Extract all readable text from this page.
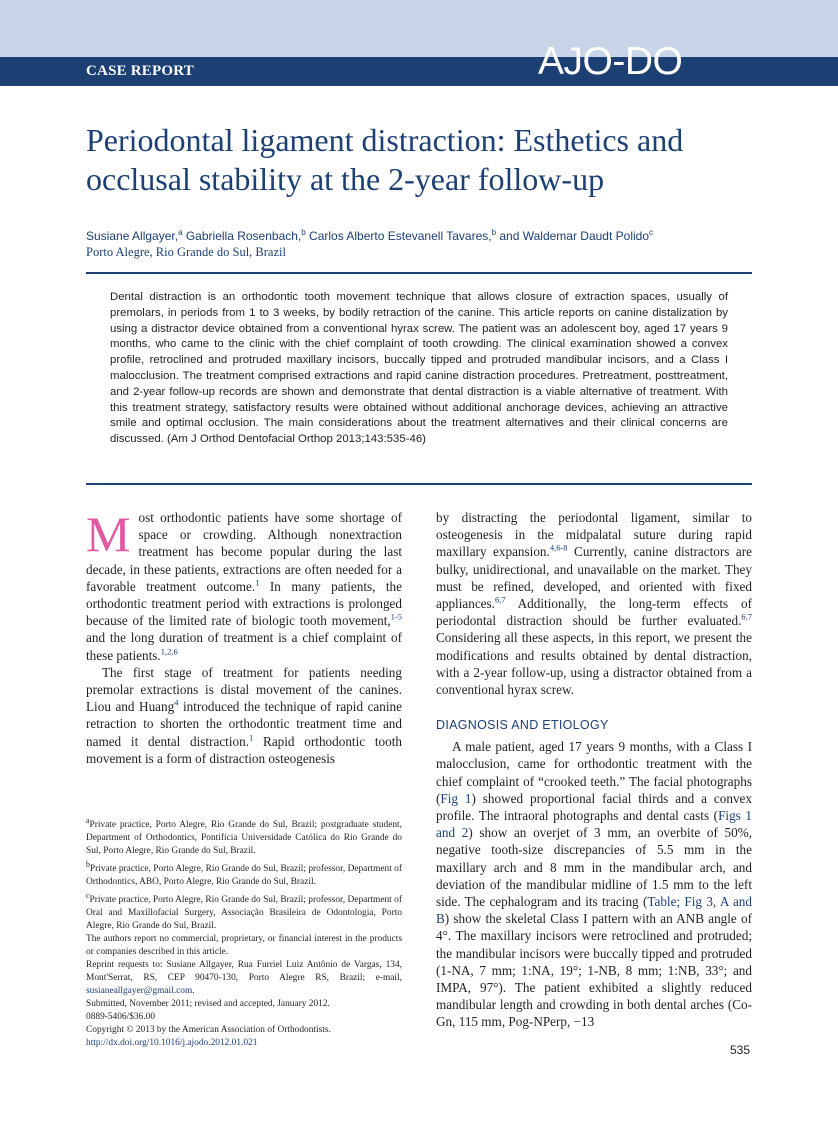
CASE REPORT	AJO-DO
Periodontal ligament distraction: Esthetics and occlusal stability at the 2-year follow-up
Susiane Allgayer,$^a$ Gabriella Rosenbach,$^b$ Carlos Alberto Estevanell Tavares,$^b$ and Waldemar Daudt Polido$^c$
Porto Alegre, Rio Grande do Sul, Brazil

Dental distraction is an orthodontic tooth movement technique that allows closure of extraction spaces, usually of premolars, in periods from 1 to 3 weeks, by bodily retraction of the canine. This article reports on canine distalization by using a distractor device obtained from a conventional hyrax screw. The patient was an adolescent boy, aged 17 years 9 months, who came to the clinic with the chief complaint of tooth crowding. The clinical examination showed a convex profile, retroclined and protruded maxillary incisors, buccally tipped and protruded mandibular incisors, and a Class I malocclusion. The treatment comprised extractions and rapid canine distraction procedures. Pretreatment, posttreatment, and 2-year follow-up records are shown and demonstrate that dental distraction is a viable alternative of treatment. With this treatment strategy, satisfactory results were obtained without additional anchorage devices, achieving an attractive smile and optimal occlusion. The main considerations about the treatment alternatives and their clinical concerns are discussed. (Am J Orthod Dentofacial Orthop 2013;143:535-46)

Most orthodontic patients have some shortage of space or crowding. Although nonextraction treatment has become popular during the last decade, in these patients, extractions are often needed for a favorable treatment outcome.$^1$ In many patients, the orthodontic treatment period with extractions is prolonged because of the limited rate of biologic tooth movement,$^{1-5}$ and the long duration of treatment is a chief complaint of these patients.$^{1,2,6}$

The first stage of treatment for patients needing premolar extractions is distal movement of the canines. Liou and Huang$^4$ introduced the technique of rapid canine retraction to shorten the orthodontic treatment time and named it dental distraction.$^1$ Rapid orthodontic tooth movement is a form of distraction osteogenesis

by distracting the periodontal ligament, similar to osteogenesis in the midpalatal suture during rapid maxillary expansion.$^{4,6-8}$ Currently, canine distractors are bulky, unidirectional, and unavailable on the market. They must be refined, developed, and oriented with fixed appliances.$^{6,7}$ Additionally, the long-term effects of periodontal distraction should be further evaluated.$^{6,7}$ Considering all these aspects, in this report, we present the modifications and results obtained by dental distraction, with a 2-year follow-up, using a distractor obtained from a conventional hyrax screw.

DIAGNOSIS AND ETIOLOGY

A male patient, aged 17 years 9 months, with a Class I malocclusion, came for orthodontic treatment with the chief complaint of “crooked teeth.” The facial photographs (Fig 1) showed proportional facial thirds and a convex profile. The intraoral photographs and dental casts (Figs 1 and 2) show an overjet of 3 mm, an overbite of 50%, negative tooth-size discrepancies of 5.5 mm in the maxillary arch and 8 mm in the mandibular arch, and deviation of the mandibular midline of 1.5 mm to the left side. The cephalogram and its tracing (Table; Fig 3, A and B) show the skeletal Class I pattern with an ANB angle of 4°. The maxillary incisors were retroclined and protruded; the mandibular incisors were buccally tipped and protruded (1-NA, 7 mm; 1:NA, 19°; 1-NB, 8 mm; 1:NB, 33°; and IMPA, 97°). The patient exhibited a slightly reduced mandibular length and crowding in both dental arches (Co-Gn, 115 mm, Pog-NPerp, −13

$^a$Private practice, Porto Alegre, Rio Grande do Sul, Brazil; postgraduate student, Department of Orthodontics, Pontifícia Universidade Católica do Rio Grande do Sul, Porto Alegre, Rio Grande do Sul, Brazil.

$^b$Private practice, Porto Alegre, Rio Grande do Sul, Brazil; professor, Department of Orthodontics, ABO, Porto Alegre, Rio Grande do Sul, Brazil.

$^c$Private practice, Porto Alegre, Rio Grande do Sul, Brazil; professor, Department of Oral and Maxillofacial Surgery, Associação Brasileira de Odontologia, Porto Alegre, Rio Grande do Sul, Brazil.

The authors report no commercial, proprietary, or financial interest in the products or companies described in this article.

Reprint requests to: Susiane Allgayer, Rua Furriel Luiz Antônio de Vargas, 134, Mont'Serrat, RS, CEP 90470-130, Porto Alegre RS, Brazil; e-mail, susianeallgayer@gmail.com.

Submitted, November 2011; revised and accepted, January 2012.

0889-5406/$36.00

Copyright © 2013 by the American Association of Orthodontists.

http://dx.doi.org/10.1016/j.ajodo.2012.01.021	535
